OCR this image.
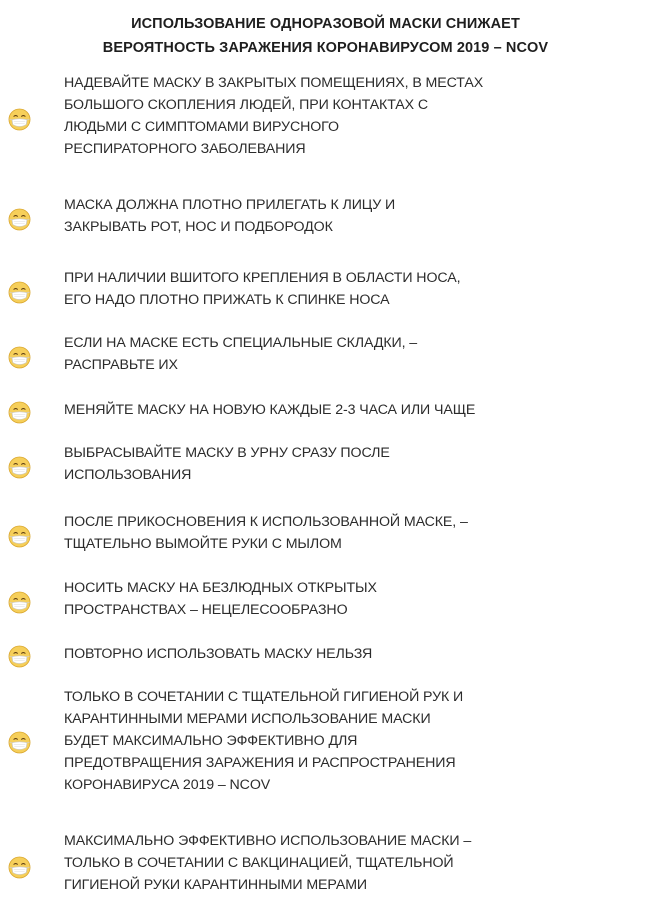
ИСПОЛЬЗОВАНИЕ ОДНОРАЗОВОЙ МАСКИ СНИЖАЕТ
ВЕРОЯТНОСТЬ ЗАРАЖЕНИЯ КОРОНАВИРУСОМ 2019 – NCOV
НАДЕВАЙТЕ МАСКУ В ЗАКРЫТЫХ ПОМЕЩЕНИЯХ, В МЕСТАХ
БОЛЬШОГО СКОПЛЕНИЯ ЛЮДЕЙ, ПРИ КОНТАКТАХ С
ЛЮДЬМИ С СИМПТОМАМИ ВИРУСНОГО
РЕСПИРАТОРНОГО ЗАБОЛЕВАНИЯ
МАСКА ДОЛЖНА ПЛОТНО ПРИЛЕГАТЬ К ЛИЦУ И
ЗАКРЫВАТЬ РОТ, НОС И ПОДБОРОДОК
ПРИ НАЛИЧИИ ВШИТОГО КРЕПЛЕНИЯ В ОБЛАСТИ НОСА,
ЕГО НАДО ПЛОТНО ПРИЖАТЬ К СПИНКЕ НОСА
ЕСЛИ НА МАСКЕ ЕСТЬ СПЕЦИАЛЬНЫЕ СКЛАДКИ, –
РАСПРАВЬТЕ ИХ
МЕНЯЙТЕ МАСКУ НА НОВУЮ КАЖДЫЕ 2-3 ЧАСА ИЛИ ЧАЩЕ
ВЫБРАСЫВАЙТЕ МАСКУ В УРНУ СРАЗУ ПОСЛЕ
ИСПОЛЬЗОВАНИЯ
ПОСЛЕ ПРИКОСНОВЕНИЯ К ИСПОЛЬЗОВАННОЙ МАСКЕ, –
ТЩАТЕЛЬНО ВЫМОЙТЕ РУКИ С МЫЛОМ
НОСИТЬ МАСКУ НА БЕЗЛЮДНЫХ ОТКРЫТЫХ
ПРОСТРАНСТВАХ – НЕЦЕЛЕСООБРАЗНО
ПОВТОРНО ИСПОЛЬЗОВАТЬ МАСКУ НЕЛЬЗЯ
ТОЛЬКО В СОЧЕТАНИИ С ТЩАТЕЛЬНОЙ ГИГИЕНОЙ РУК И
КАРАНТИННЫМИ МЕРАМИ ИСПОЛЬЗОВАНИЕ МАСКИ
БУДЕТ МАКСИМАЛЬНО ЭФФЕКТИВНО ДЛЯ
ПРЕДОТВРАЩЕНИЯ ЗАРАЖЕНИЯ И РАСПРОСТРАНЕНИЯ
КОРОНАВИРУСА 2019 – NCOV
МАКСИМАЛЬНО ЭФФЕКТИВНО ИСПОЛЬЗОВАНИЕ МАСКИ –
ТОЛЬКО В СОЧЕТАНИИ С ВАКЦИНАЦИЕЙ, ТЩАТЕЛЬНОЙ
ГИГИЕНОЙ РУКИ КАРАНТИННЫМИ МЕРАМИ
